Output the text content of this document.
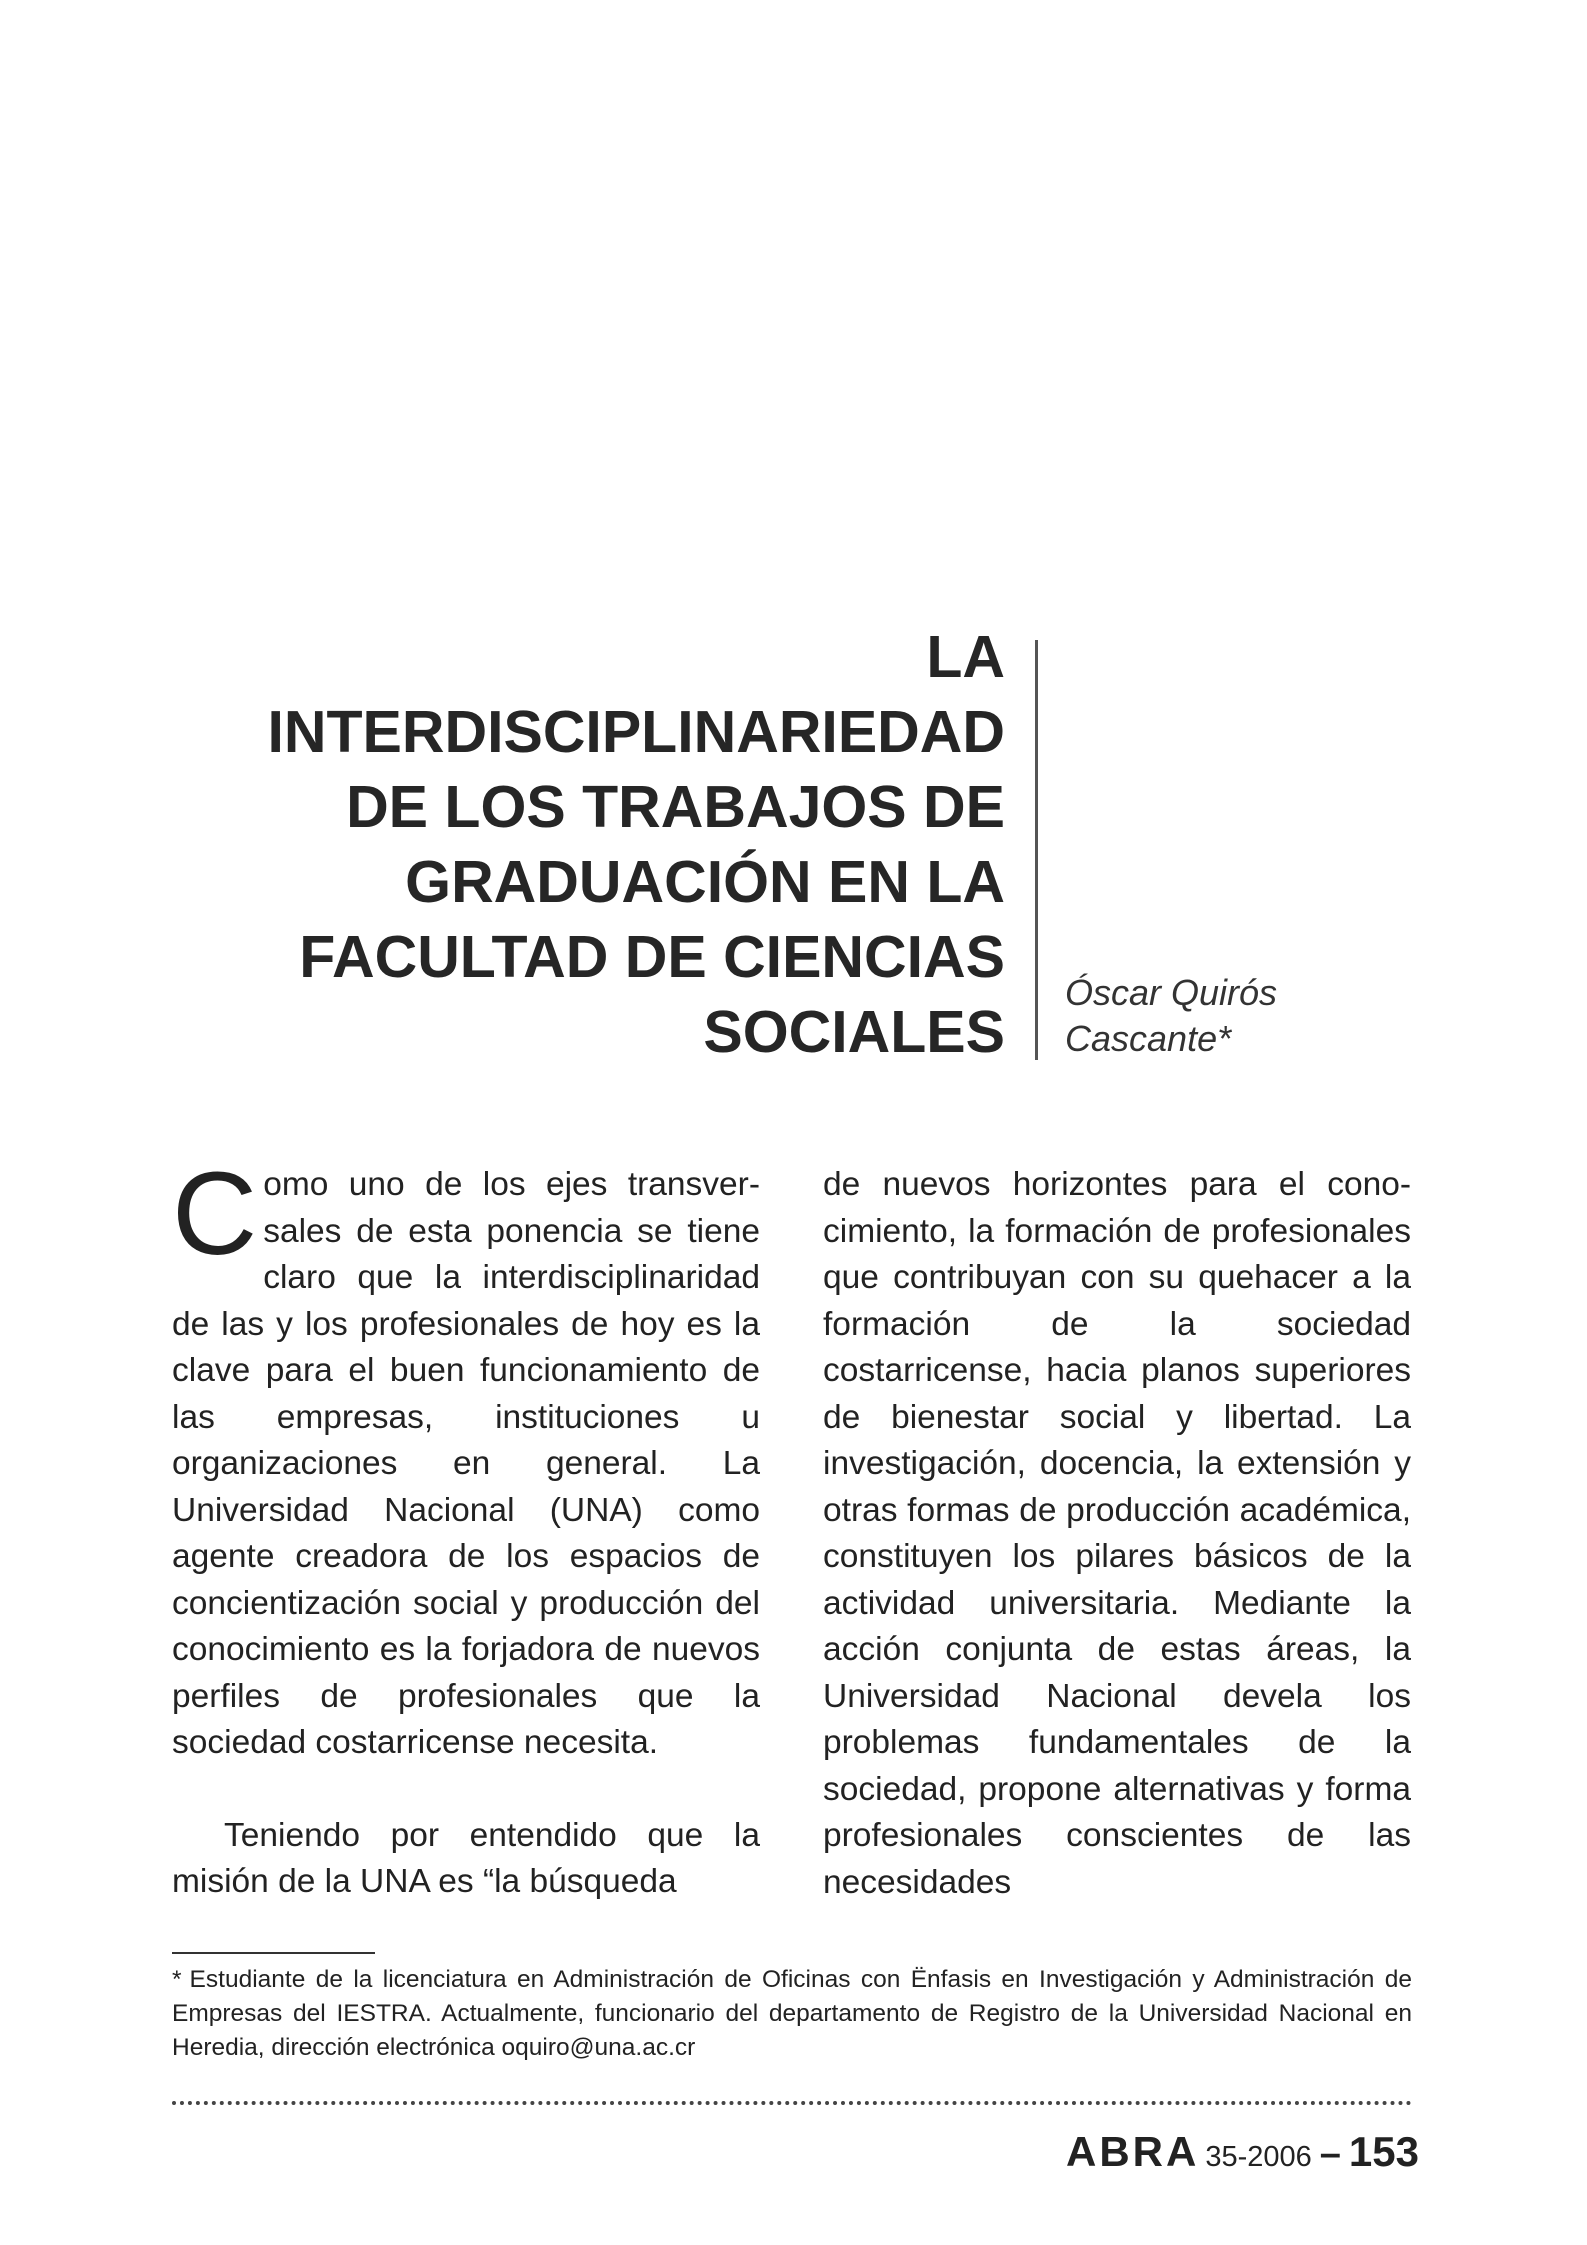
LA
INTERDISCIPLINARIEDAD
DE LOS TRABAJOS DE
GRADUACIÓN EN LA
FACULTAD DE CIENCIAS
SOCIALES
Óscar Quirós
Cascante*

Como uno de los ejes transversales de esta ponencia se tiene claro que la interdisciplinaridad de las y los profesionales de hoy es la clave para el buen funcionamiento de las empresas, instituciones u organizaciones en general. La Universidad Nacional (UNA) como agente creadora de los espacios de concientización social y producción del conocimiento es la forjadora de nuevos perfiles de profesionales que la sociedad costarricense necesita.

Teniendo por entendido que la misión de la UNA es “la búsqueda

de nuevos horizontes para el conocimiento, la formación de profesionales que contribuyan con su quehacer a la formación de la sociedad costarricense, hacia planos superiores de bienestar social y libertad. La investigación, docencia, la extensión y otras formas de producción académica, constituyen los pilares básicos de la actividad universitaria. Mediante la acción conjunta de estas áreas, la Universidad Nacional devela los problemas fundamentales de la sociedad, propone alternativas y forma profesionales conscientes de las necesidades

* Estudiante de la licenciatura en Administración de Oficinas con Ënfasis en Investigación y Administración de Empresas del IESTRA. Actualmente, funcionario del departamento de Registro de la Universidad Nacional en Heredia, dirección electrónica oquiro@una.ac.cr
ABRA 35-2006 – 153
